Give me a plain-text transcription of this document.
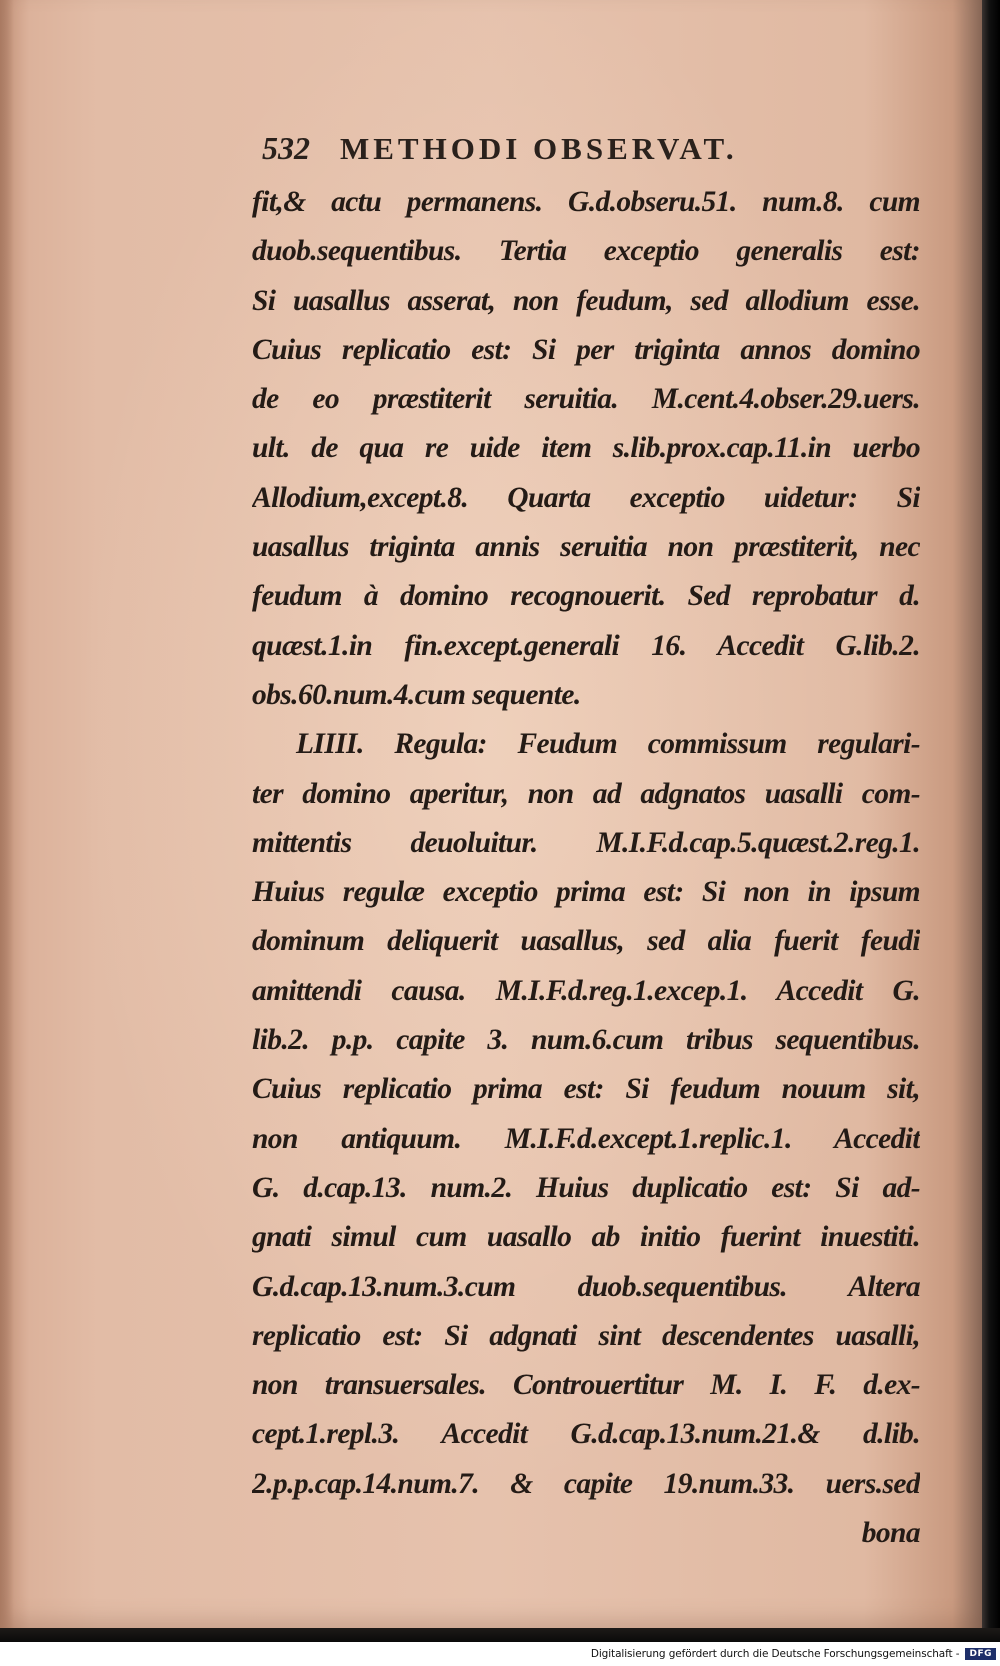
532 METHODI OBSERVAT.
fit,& actu permanens. G.d.obseru.51. num.8. cum
duob.sequentibus. Tertia exceptio generalis est:
Si uasallus asserat, non feudum, sed allodium esse.
Cuius replicatio est: Si per triginta annos domino
de eo præstiterit seruitia. M.cent.4.obser.29.uers.
ult. de qua re uide item s.lib.prox.cap.11.in uerbo
Allodium,except.8. Quarta exceptio uidetur: Si
uasallus triginta annis seruitia non præstiterit, nec
feudum à domino recognouerit. Sed reprobatur d.
quæst.1.in fin.except.generali 16. Accedit G.lib.2.
obs.60.num.4.cum sequente.
LIIII. Regula: Feudum commissum regulari-
ter domino aperitur, non ad adgnatos uasalli com-
mittentis deuoluitur. M.I.F.d.cap.5.quæst.2.reg.1.
Huius regulæ exceptio prima est: Si non in ipsum
dominum deliquerit uasallus, sed alia fuerit feudi
amittendi causa. M.I.F.d.reg.1.excep.1. Accedit G.
lib.2. p.p. capite 3. num.6.cum tribus sequentibus.
Cuius replicatio prima est: Si feudum nouum sit,
non antiquum. M.I.F.d.except.1.replic.1. Accedit
G. d.cap.13. num.2. Huius duplicatio est: Si ad-
gnati simul cum uasallo ab initio fuerint inuestiti.
G.d.cap.13.num.3.cum duob.sequentibus. Altera
replicatio est: Si adgnati sint descendentes uasalli,
non transuersales. Controuertitur M. I. F. d.ex-
cept.1.repl.3. Accedit G.d.cap.13.num.21.& d.lib.
2.p.p.cap.14.num.7. & capite 19.num.33. uers.sed
bona
Digitalisierung gefördert durch die Deutsche Forschungsgemeinschaft -	DFG
